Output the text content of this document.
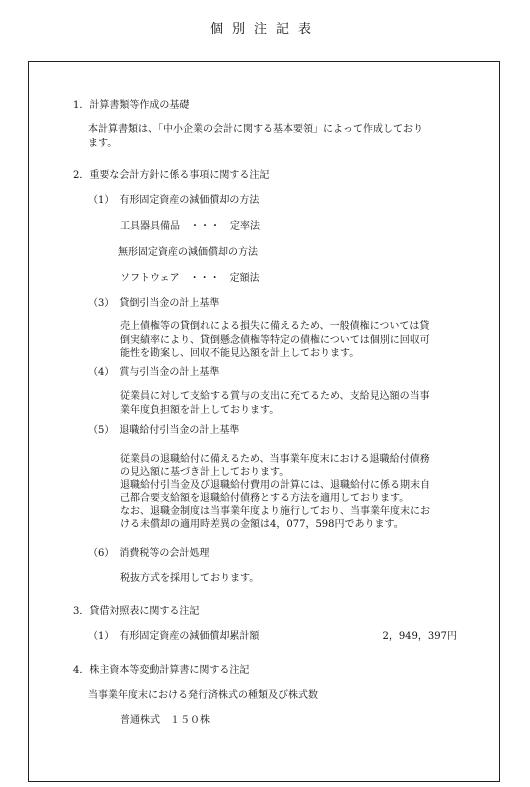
個別注記表
1．計算書類等作成の基礎
本計算書類は、「中小企業の会計に関する基本要領」によって作成しており
ます。
2．重要な会計方針に係る事項に関する注記
（1）　有形固定資産の減価償却の方法
工具器具備品　・・・　定率法
　　　無形固定資産の減価償却の方法
ソフトウェア　・・・　定額法
（3）　貸倒引当金の計上基準
売上債権等の貸倒れによる損失に備えるため、一般債権については貸
倒実績率により、貸倒懸念債権等特定の債権については個別に回収可
能性を勘案し、回収不能見込額を計上しております。
（4）　賞与引当金の計上基準
従業員に対して支給する賞与の支出に充てるため、支給見込額の当事
業年度負担額を計上しております。
（5）　退職給付引当金の計上基準
従業員の退職給付に備えるため、当事業年度末における退職給付債務
の見込額に基づき計上しております。
退職給付引当金及び退職給付費用の計算には、退職給付に係る期末自
己都合要支給額を退職給付債務とする方法を適用しております。
なお、退職金制度は当事業年度より施行しており、当事業年度末にお
ける未償却の適用時差異の金額は4，077，598円であります。
（6）　消費税等の会計処理
税抜方式を採用しております。
3．貸借対照表に関する注記
（1）　有形固定資産の減価償却累計額	2，949，397円
4．株主資本等変動計算書に関する注記
当事業年度末における発行済株式の種類及び株式数
普通株式　１５０株
